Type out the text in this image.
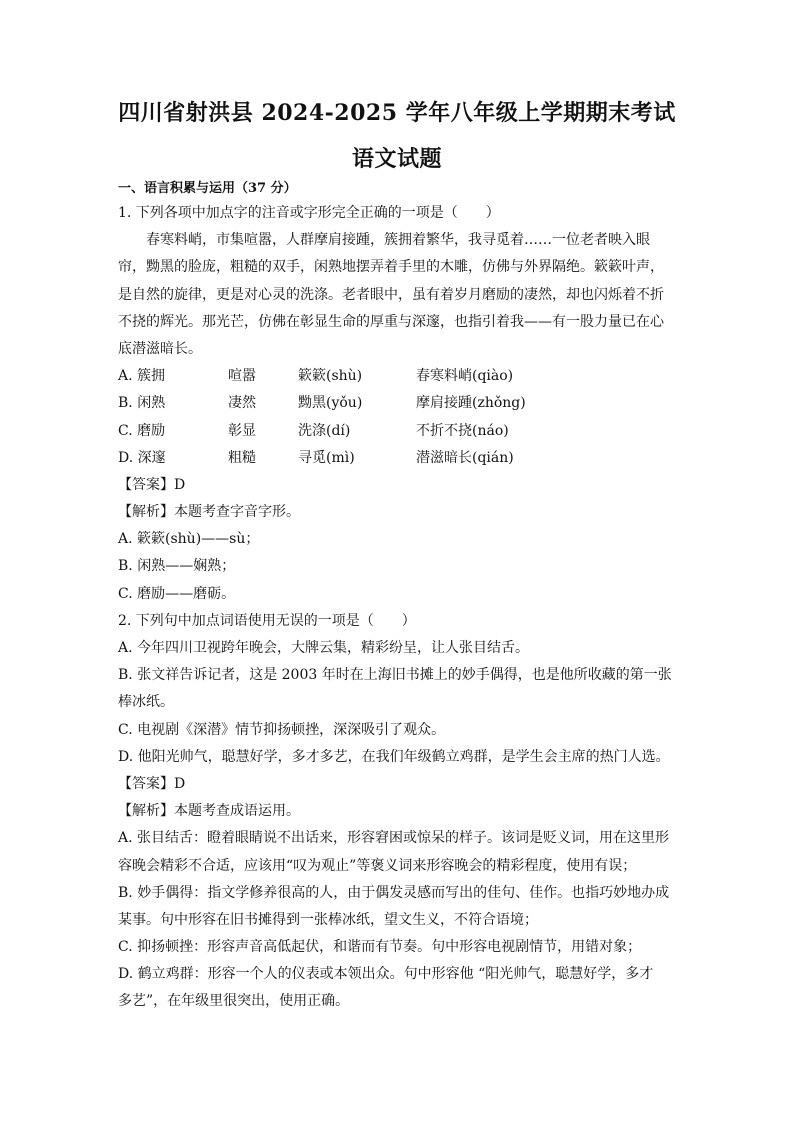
四川省射洪县 2024-2025 学年八年级上学期期末考试
语文试题
一、语言积累与运用（37 分）
1. 下列各项中加点字的注音或字形完全正确的一项是（　　）
春寒料峭，市集喧嚣，人群摩肩接踵，簇拥着繁华，我寻觅着……一位老者映入眼
帘，黝黑的脸庞，粗糙的双手，闲熟地摆弄着手里的木雕，仿佛与外界隔绝。簌簌叶声，
是自然的旋律，更是对心灵的洗涤。老者眼中，虽有着岁月磨励的凄然，却也闪烁着不折
不挠的辉光。那光芒，仿佛在彰显生命的厚重与深邃，也指引着我——有一股力量已在心
底潜滋暗长。
A. 簇拥	喧嚣	簌簌(shù)	春寒料峭(qiào)
B. 闲熟	凄然	黝黑(yǒu)	摩肩接踵(zhǒng)
C. 磨励	彰显	洗涤(dí)	不折不挠(náo)
D. 深邃	粗糙	寻觅(mì)	潜滋暗长(qián)
【答案】D
【解析】本题考查字音字形。
A. 簌簌(shù)——sù；
B. 闲熟——娴熟；
C. 磨励——磨砺。
2. 下列句中加点词语使用无误的一项是（　　）
A. 今年四川卫视跨年晚会，大牌云集，精彩纷呈，让人张目结舌。
B. 张文祥告诉记者，这是 2003 年时在上海旧书摊上的妙手偶得，也是他所收藏的第一张
棒冰纸。
C. 电视剧《深潜》情节抑扬顿挫，深深吸引了观众。
D. 他阳光帅气，聪慧好学，多才多艺，在我们年级鹤立鸡群，是学生会主席的热门人选。
【答案】D
【解析】本题考查成语运用。
A. 张目结舌：瞪着眼睛说不出话来，形容窘困或惊呆的样子。该词是贬义词，用在这里形
容晚会精彩不合适，应该用“叹为观止”等褒义词来形容晚会的精彩程度，使用有误；
B. 妙手偶得：指文学修养很高的人，由于偶发灵感而写出的佳句、佳作。也指巧妙地办成
某事。句中形容在旧书摊得到一张棒冰纸，望文生义，不符合语境；
C. 抑扬顿挫：形容声音高低起伏，和谐而有节奏。句中形容电视剧情节，用错对象；
D. 鹤立鸡群：形容一个人的仪表或本领出众。句中形容他 “阳光帅气，聪慧好学，多才
多艺”，在年级里很突出，使用正确。
